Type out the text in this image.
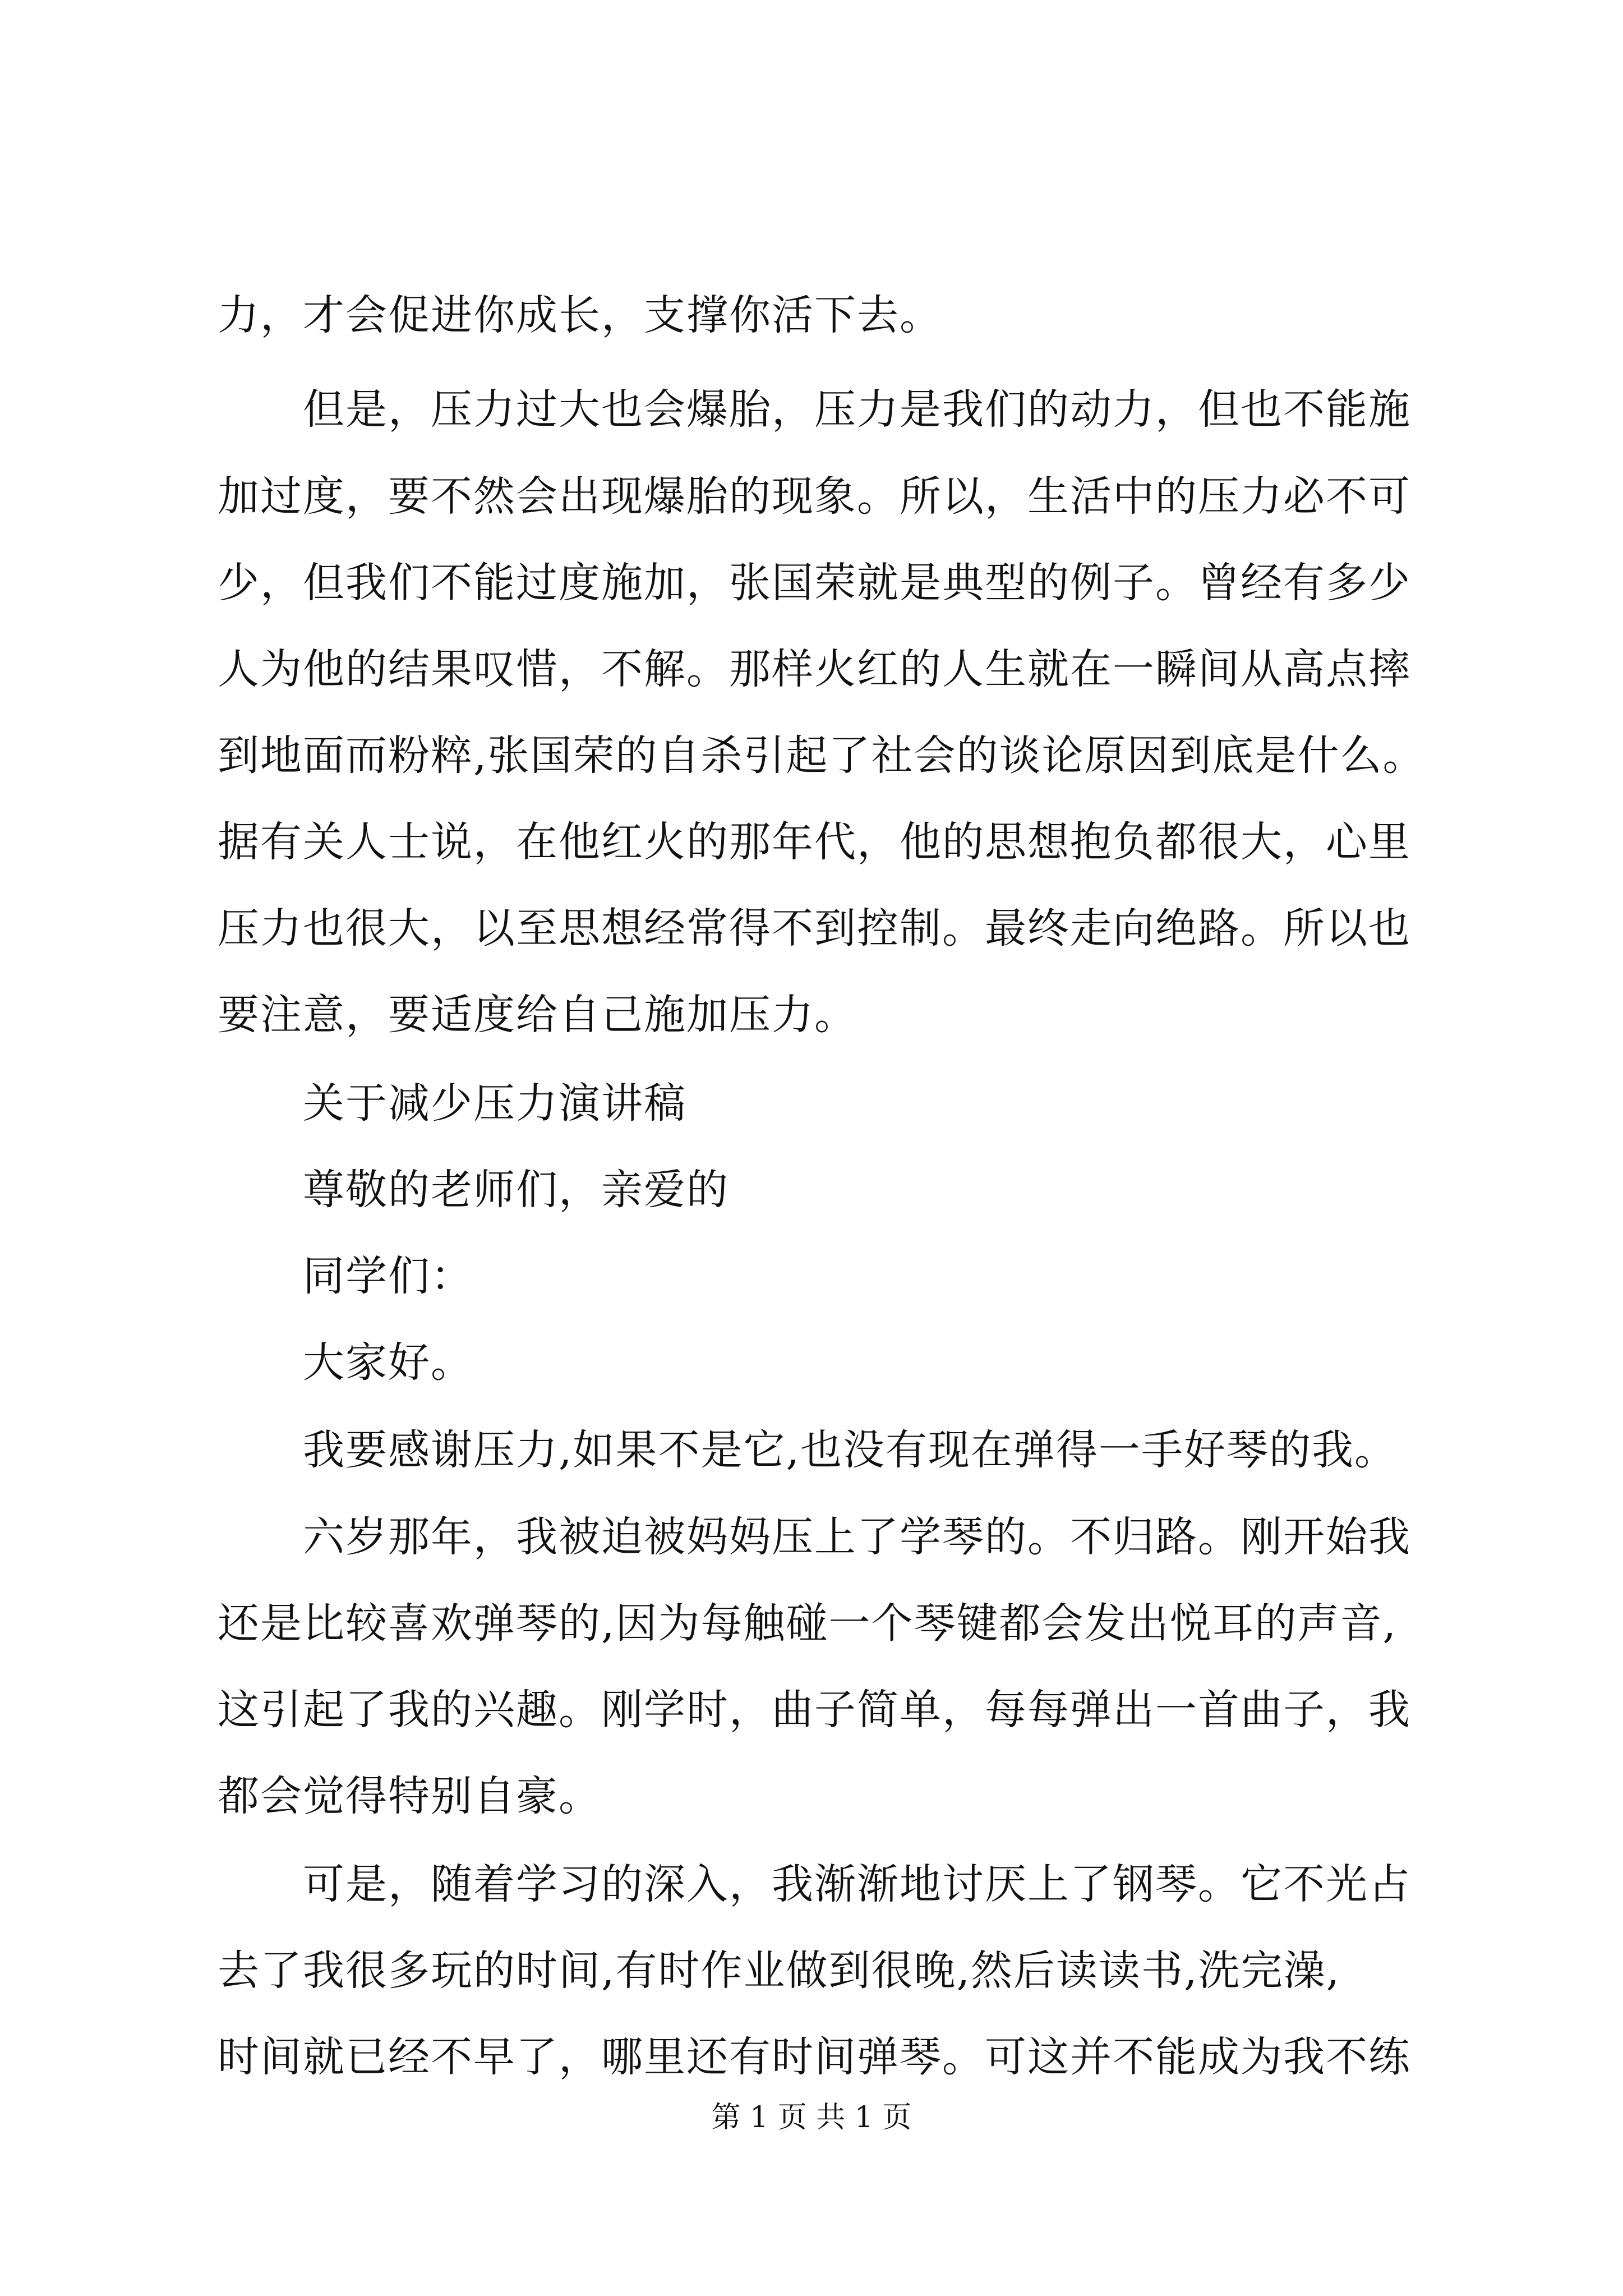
力，才会促进你成长，支撑你活下去。
但是，压力过大也会爆胎，压力是我们的动力，但也不能施
加过度，要不然会出现爆胎的现象。所以，生活中的压力必不可
少，但我们不能过度施加，张国荣就是典型的例子。曾经有多少
人为他的结果叹惜，不解。那样火红的人生就在一瞬间从高点摔
到地面而粉粹,张国荣的自杀引起了社会的谈论原因到底是什么。
据有关人士说，在他红火的那年代，他的思想抱负都很大，心里
压力也很大，以至思想经常得不到控制。最终走向绝路。所以也
要注意，要适度给自己施加压力。
关于减少压力演讲稿
尊敬的老师们，亲爱的
同学们：
大家好。
我要感谢压力,如果不是它,也没有现在弹得一手好琴的我。
六岁那年，我被迫被妈妈压上了学琴的。不归路。刚开始我
还是比较喜欢弹琴的,因为每触碰一个琴键都会发出悦耳的声音,
这引起了我的兴趣。刚学时，曲子简单，每每弹出一首曲子，我
都会觉得特别自豪。
可是，随着学习的深入，我渐渐地讨厌上了钢琴。它不光占
去了我很多玩的时间,有时作业做到很晚,然后读读书,洗完澡,
时间就已经不早了，哪里还有时间弹琴。可这并不能成为我不练
第 1 页 共 1 页
